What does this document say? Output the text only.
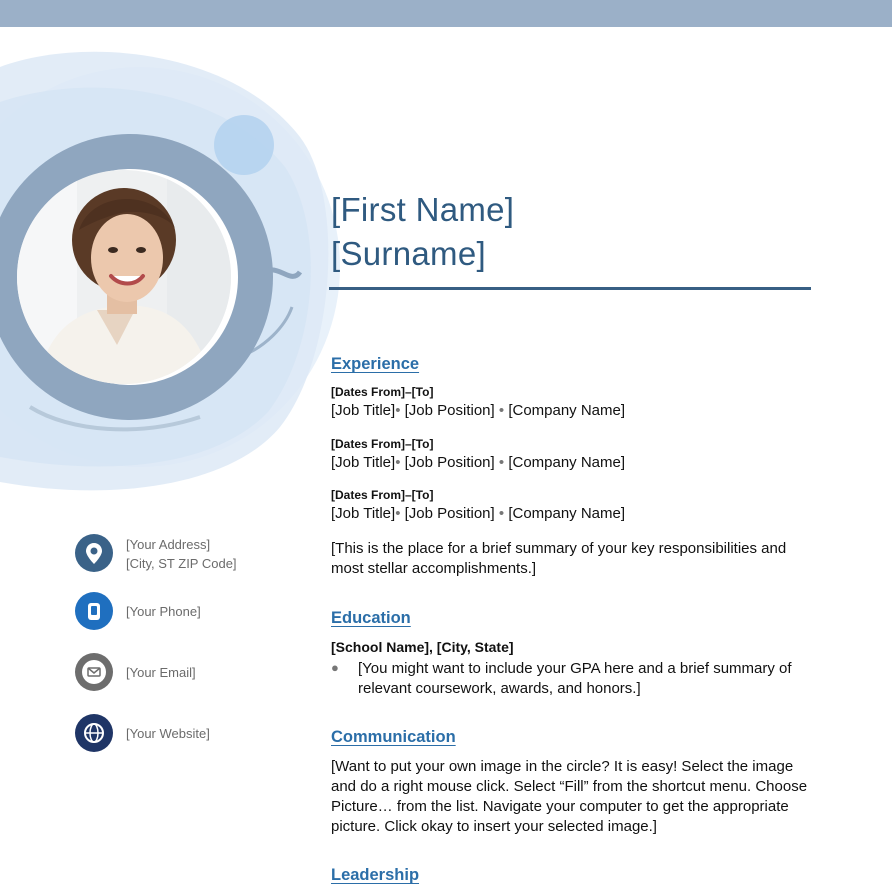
[First Name]
[Surname]
Experience
[Dates From]–[To]
[Job Title]• [Job Position] • [Company Name]
[Dates From]–[To]
[Job Title]• [Job Position] • [Company Name]
[Dates From]–[To]
[Job Title]• [Job Position] • [Company Name]
[This is the place for a brief summary of your key responsibilities and most stellar accomplishments.]
Education
[School Name], [City, State]
● [You might want to include your GPA here and a brief summary of relevant coursework, awards, and honors.]
Communication
[Want to put your own image in the circle? It is easy! Select the image and do a right mouse click. Select “Fill” from the shortcut menu. Choose Picture… from the list. Navigate your computer to get the appropriate picture. Click okay to insert your selected image.]
Leadership
[Your Address]
[City, ST ZIP Code]
[Your Phone]
[Your Email]
[Your Website]
